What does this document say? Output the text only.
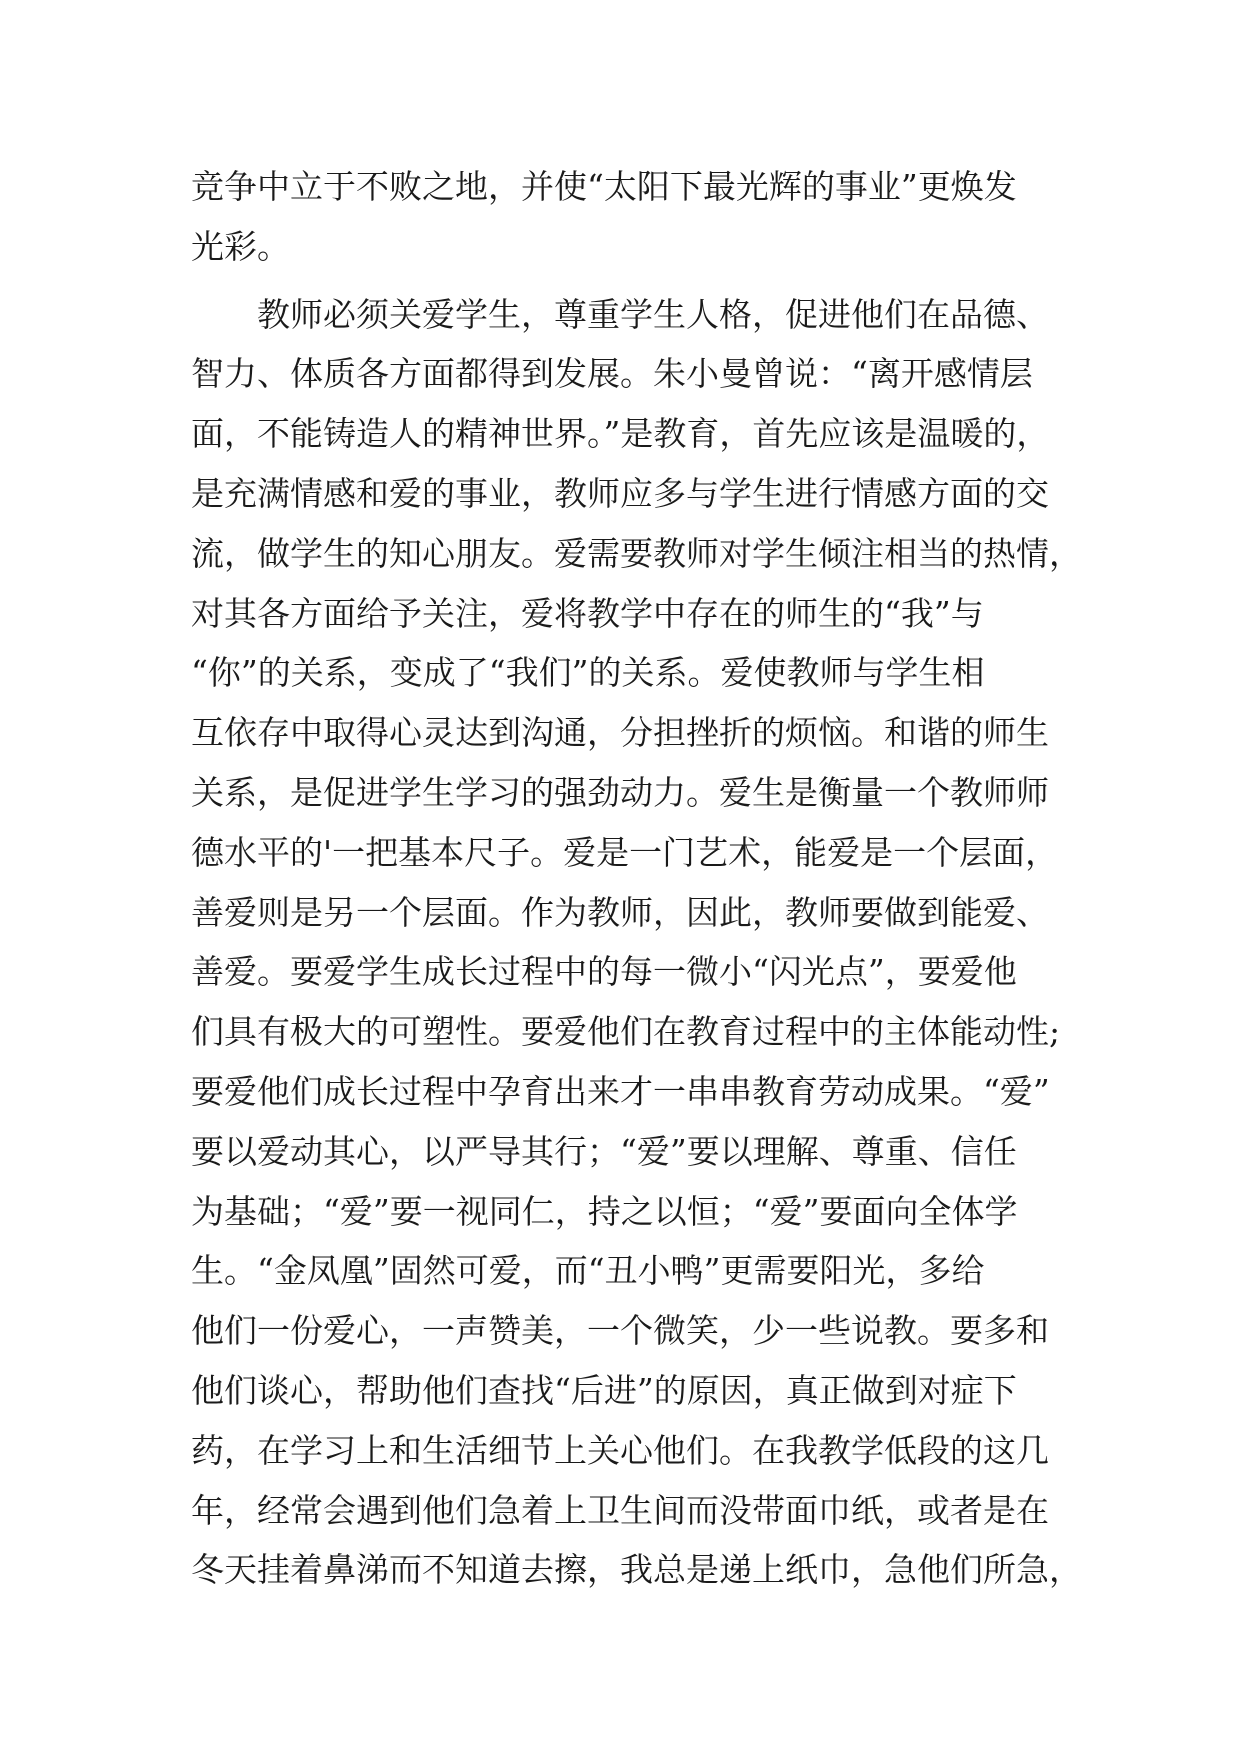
竞争中立于不败之地，并使“太阳下最光辉的事业”更焕发
光彩。
教师必须关爱学生，尊重学生人格，促进他们在品德、
智力、体质各方面都得到发展。朱小曼曾说：“离开感情层
面，不能铸造人的精神世界。”是教育，首先应该是温暖的，
是充满情感和爱的事业，教师应多与学生进行情感方面的交
流，做学生的知心朋友。爱需要教师对学生倾注相当的热情，
对其各方面给予关注，爱将教学中存在的师生的“我”与
“你”的关系，变成了“我们”的关系。爱使教师与学生相
互依存中取得心灵达到沟通，分担挫折的烦恼。和谐的师生
关系，是促进学生学习的强劲动力。爱生是衡量一个教师师
德水平的'一把基本尺子。爱是一门艺术，能爱是一个层面，
善爱则是另一个层面。作为教师，因此，教师要做到能爱、
善爱。要爱学生成长过程中的每一微小“闪光点”，要爱他
们具有极大的可塑性。要爱他们在教育过程中的主体能动性;
要爱他们成长过程中孕育出来才一串串教育劳动成果。“爱”
要以爱动其心，以严导其行；“爱”要以理解、尊重、信任
为基础；“爱”要一视同仁，持之以恒；“爱”要面向全体学
生。“金凤凰”固然可爱，而“丑小鸭”更需要阳光，多给
他们一份爱心，一声赞美，一个微笑，少一些说教。要多和
他们谈心，帮助他们查找“后进”的原因，真正做到对症下
药，在学习上和生活细节上关心他们。在我教学低段的这几
年，经常会遇到他们急着上卫生间而没带面巾纸，或者是在
冬天挂着鼻涕而不知道去擦，我总是递上纸巾，急他们所急，
